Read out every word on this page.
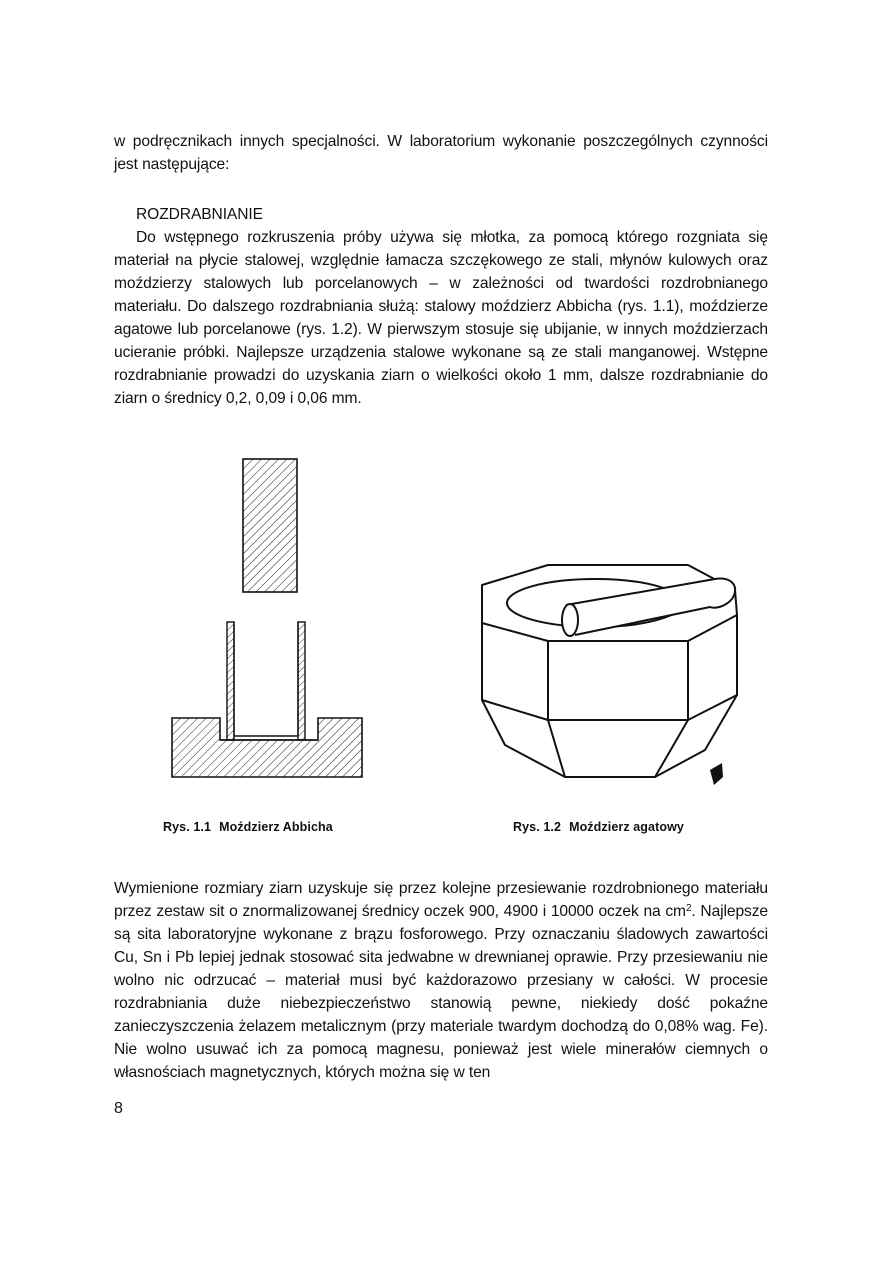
w podręcznikach innych specjalności. W laboratorium wykonanie poszczególnych czynności jest następujące:

ROZDRABNIANIE

Do wstępnego rozkruszenia próby używa się młotka, za pomocą którego rozgniata się materiał na płycie stalowej, względnie łamacza szczękowego ze stali, młynów kulowych oraz moździerzy stalowych lub porcelanowych – w zależności od twardości rozdrobnianego materiału. Do dalszego rozdrabniania służą: stalowy moździerz Abbicha (rys. 1.1), moździerze agatowe lub porcelanowe (rys. 1.2). W pierwszym stosuje się ubijanie, w innych moździerzach ucieranie próbki. Najlepsze urządzenia stalowe wykonane są ze stali manganowej. Wstępne rozdrabnianie prowadzi do uzyskania ziarn o wielkości około 1 mm, dalsze rozdrabnianie do ziarn o średnicy 0,2, 0,09 i 0,06 mm.

Rys. 1.1 Moździerz Abbicha	Rys. 1.2 Moździerz agatowy

Wymienione rozmiary ziarn uzyskuje się przez kolejne przesiewanie rozdrobnionego materiału przez zestaw sit o znormalizowanej średnicy oczek 900, 4900 i 10000 oczek na $cm^2$. Najlepsze są sita laboratoryjne wykonane z brązu fosforowego. Przy oznaczaniu śladowych zawartości Cu, Sn i Pb lepiej jednak stosować sita jedwabne w drewnianej oprawie. Przy przesiewaniu nie wolno nic odrzucać – materiał musi być każdorazowo przesiany w całości. W procesie rozdrabniania duże niebezpieczeństwo stanowią pewne, niekiedy dość pokaźne zanieczyszczenia żelazem metalicznym (przy materiale twardym dochodzą do 0,08% wag. Fe). Nie wolno usuwać ich za pomocą magnesu, ponieważ jest wiele minerałów ciemnych o własnościach magnetycznych, których można się w ten

8
